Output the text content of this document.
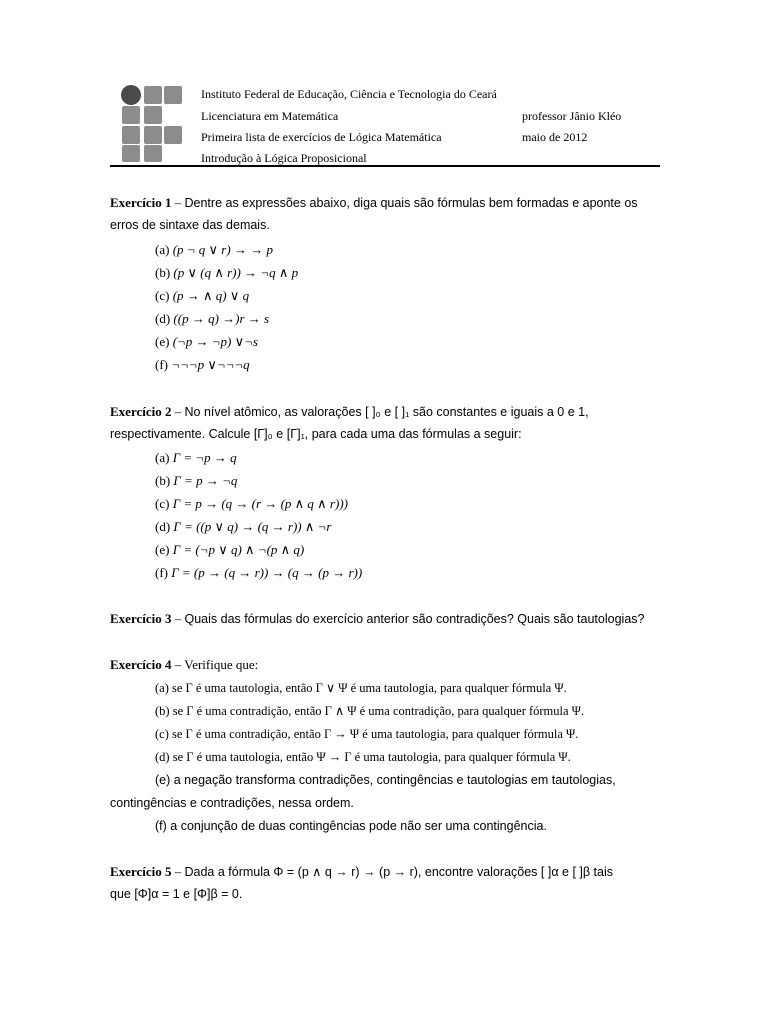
Instituto Federal de Educação, Ciência e Tecnologia do Ceará
Licenciatura em Matemática	professor Jânio Kléo
Primeira lista de exercícios de Lógica Matemática	maio de 2012
Introdução à Lógica Proposicional
Exercício 1 – Dentre as expressões abaixo, diga quais são fórmulas bem formadas e aponte os
erros de sintaxe das demais.
(a) (p ¬ q ∨ r) → → p
(b) (p ∨ (q ∧ r)) → ¬q ∧ p
(c) (p → ∧ q) ∨ q
(d) ((p → q) →)r → s
(e) (¬p → ¬p) ∨¬s
(f) ¬¬¬p ∨¬¬¬q
Exercício 2 – No nível atômico, as valorações [ ]₀ e [ ]₁ são constantes e iguais a 0 e 1,
respectivamente. Calcule [Γ]₀ e [Γ]₁, para cada uma das fórmulas a seguir:
(a) Γ = ¬p → q
(b) Γ = p → ¬q
(c) Γ = p → (q → (r → (p ∧ q ∧ r)))
(d) Γ = ((p ∨ q) → (q → r)) ∧ ¬r
(e) Γ = (¬p ∨ q) ∧ ¬(p ∧ q)
(f) Γ = (p → (q → r)) → (q → (p → r))
Exercício 3 – Quais das fórmulas do exercício anterior são contradições? Quais são tautologias?
Exercício 4 – Verifique que:
(a) se Γ é uma tautologia, então Γ ∨ Ψ é uma tautologia, para qualquer fórmula Ψ.
(b) se Γ é uma contradição, então Γ ∧ Ψ é uma contradição, para qualquer fórmula Ψ.
(c) se Γ é uma contradição, então Γ → Ψ é uma tautologia, para qualquer fórmula Ψ.
(d) se Γ é uma tautologia, então Ψ → Γ é uma tautologia, para qualquer fórmula Ψ.
(e) a negação transforma contradições, contingências e tautologias em tautologias,
contingências e contradições, nessa ordem.
(f) a conjunção de duas contingências pode não ser uma contingência.
Exercício 5 – Dada a fórmula Φ = (p ∧ q → r) → (p → r), encontre valorações [ ]α e [ ]β tais
que [Φ]α = 1 e [Φ]β = 0.
